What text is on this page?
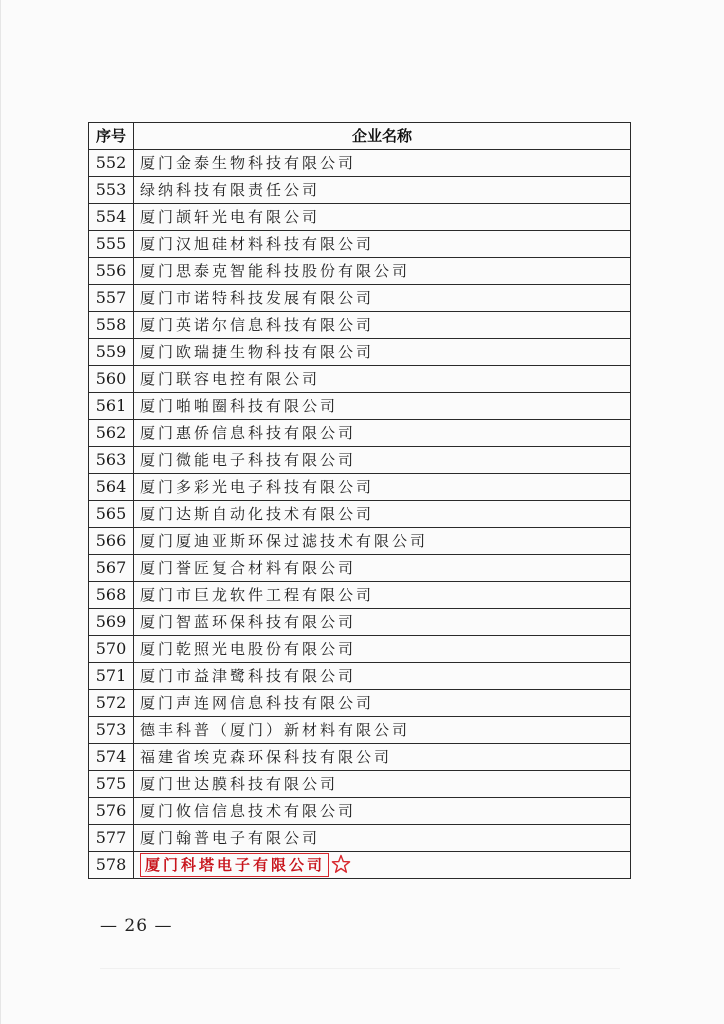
序号	企业名称
552	厦门金泰生物科技有限公司
553	绿纳科技有限责任公司
554	厦门颉轩光电有限公司
555	厦门汉旭硅材料科技有限公司
556	厦门思泰克智能科技股份有限公司
557	厦门市诺特科技发展有限公司
558	厦门英诺尔信息科技有限公司
559	厦门欧瑞捷生物科技有限公司
560	厦门联容电控有限公司
561	厦门啪啪圈科技有限公司
562	厦门惠侨信息科技有限公司
563	厦门微能电子科技有限公司
564	厦门多彩光电子科技有限公司
565	厦门达斯自动化技术有限公司
566	厦门厦迪亚斯环保过滤技术有限公司
567	厦门誉匠复合材料有限公司
568	厦门市巨龙软件工程有限公司
569	厦门智蓝环保科技有限公司
570	厦门乾照光电股份有限公司
571	厦门市益津鹭科技有限公司
572	厦门声连网信息科技有限公司
573	德丰科普（厦门）新材料有限公司
574	福建省埃克森环保科技有限公司
575	厦门世达膜科技有限公司
576	厦门攸信信息技术有限公司
577	厦门翰普电子有限公司
578	厦门科塔电子有限公司
— 26 —
